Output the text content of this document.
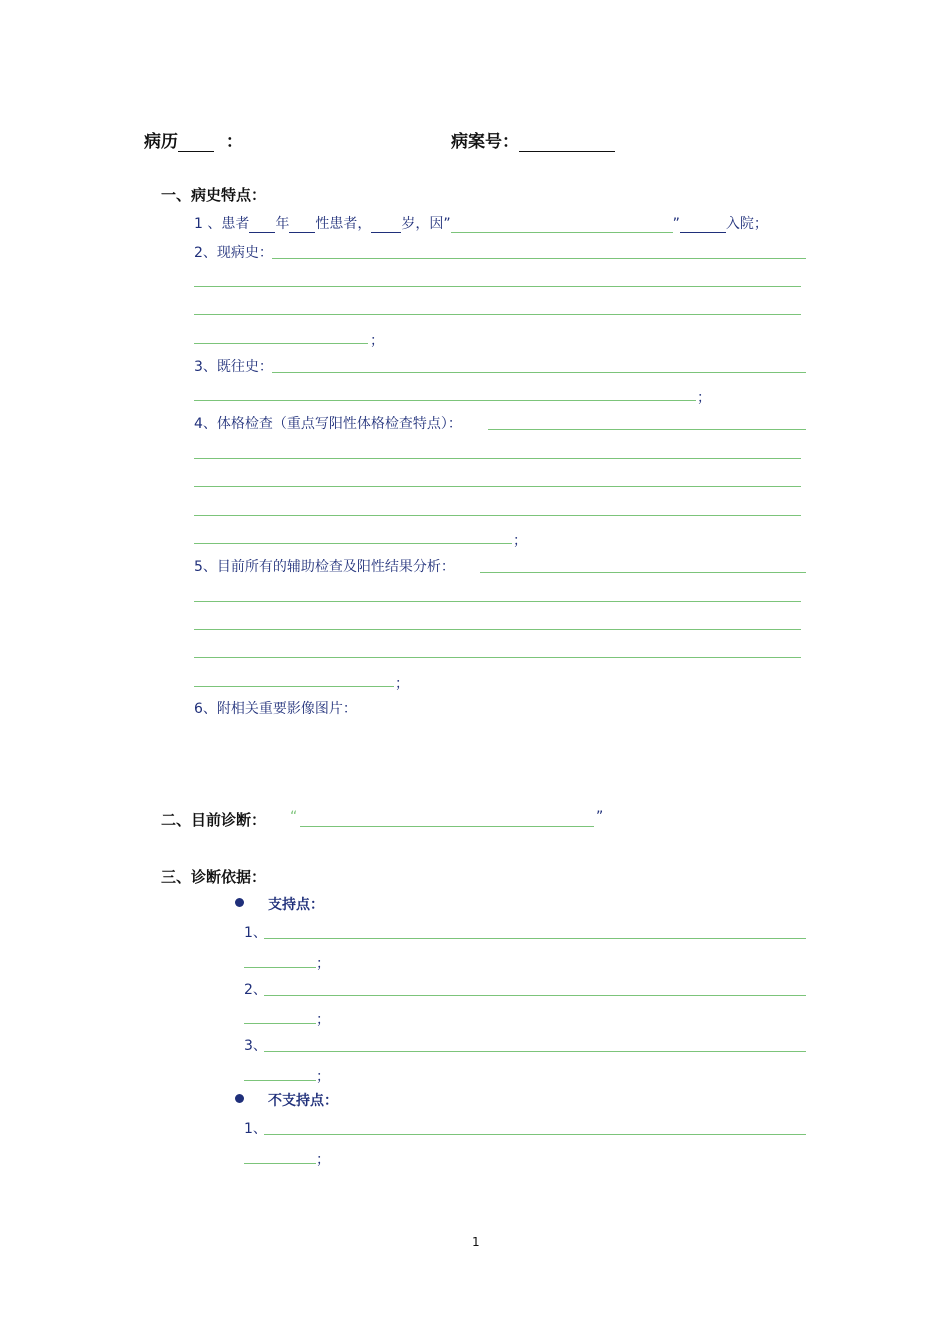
病历	：	病案号：
一、病史特点：
1 、患者 年 性患者， 岁，因”	”	入院；
2、现病史：
；
3、既往史：
；
4、体格检查（重点写阳性体格检查特点）：
；
5、目前所有的辅助检查及阳性结果分析：
；
6、附相关重要影像图片：
二、目前诊断： “	”
三、诊断依据：
支持点：
1、
；
2、
；
3、
；
不支持点：
1、
；
1
